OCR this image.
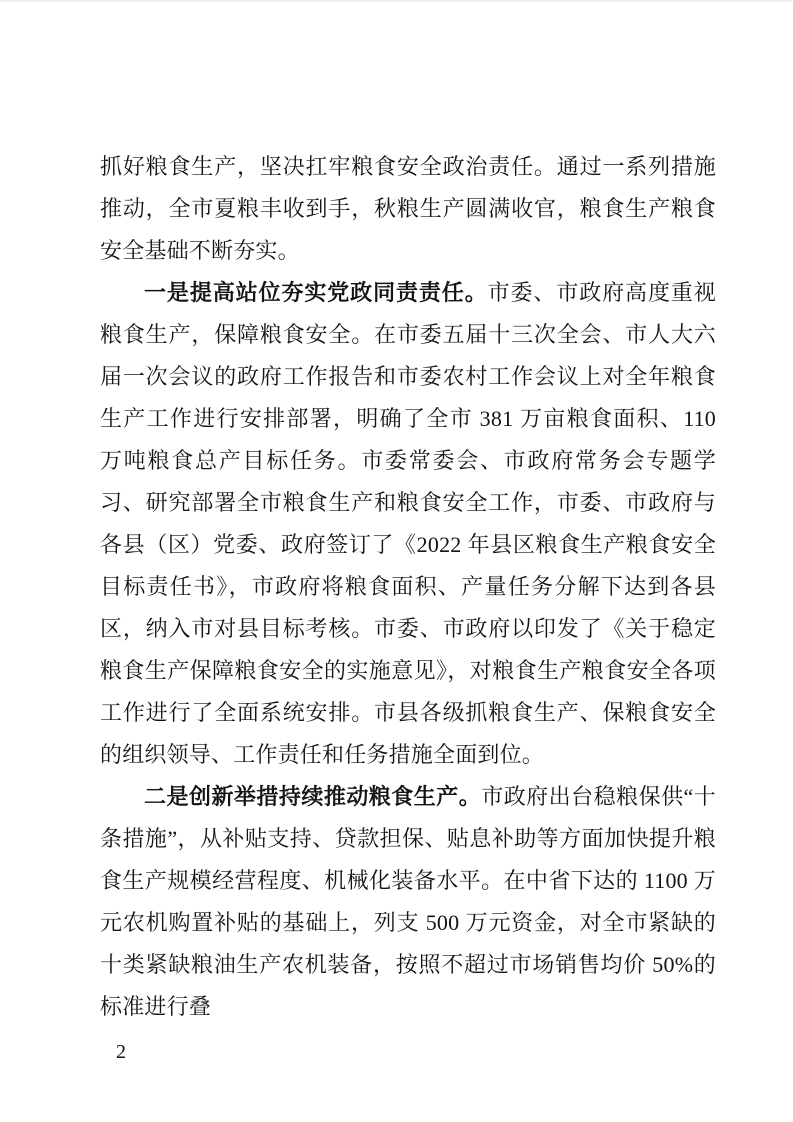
抓好粮食生产，坚决扛牢粮食安全政治责任。通过一系列措施推动，全市夏粮丰收到手，秋粮生产圆满收官，粮食生产粮食安全基础不断夯实。

一是提高站位夯实党政同责责任。市委、市政府高度重视粮食生产，保障粮食安全。在市委五届十三次全会、市人大六届一次会议的政府工作报告和市委农村工作会议上对全年粮食生产工作进行安排部署，明确了全市 381 万亩粮食面积、110 万吨粮食总产目标任务。市委常委会、市政府常务会专题学习、研究部署全市粮食生产和粮食安全工作，市委、市政府与各县（区）党委、政府签订了《2022 年县区粮食生产粮食安全目标责任书》，市政府将粮食面积、产量任务分解下达到各县区，纳入市对县目标考核。市委、市政府以印发了《关于稳定粮食生产保障粮食安全的实施意见》，对粮食生产粮食安全各项工作进行了全面系统安排。市县各级抓粮食生产、保粮食安全的组织领导、工作责任和任务措施全面到位。

二是创新举措持续推动粮食生产。市政府出台稳粮保供“十条措施”，从补贴支持、贷款担保、贴息补助等方面加快提升粮食生产规模经营程度、机械化装备水平。在中省下达的 1100 万元农机购置补贴的基础上，列支 500 万元资金，对全市紧缺的十类紧缺粮油生产农机装备，按照不超过市场销售均价 50%的标准进行叠

2
